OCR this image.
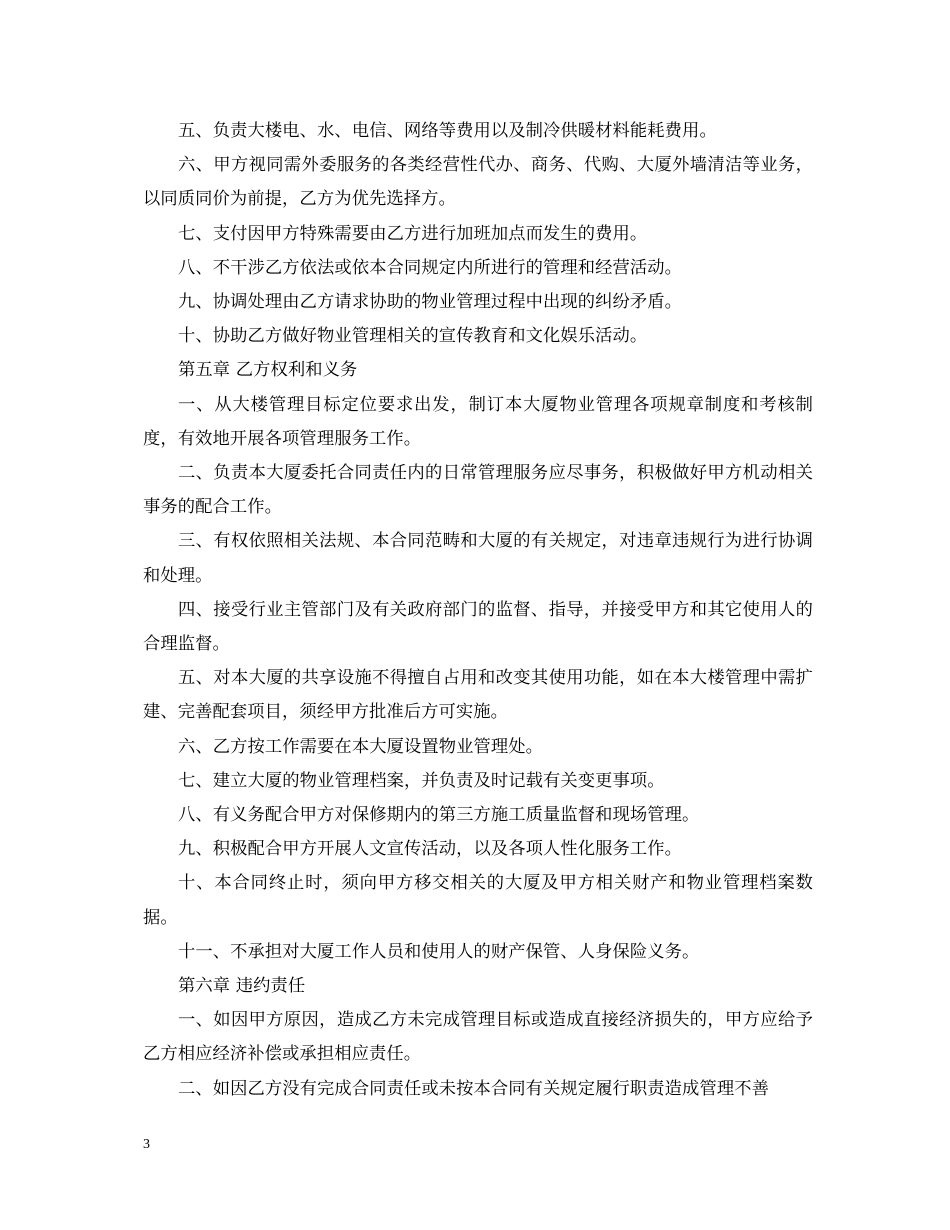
五、负责大楼电、水、电信、网络等费用以及制冷供暖材料能耗费用。

六、甲方视同需外委服务的各类经营性代办、商务、代购、大厦外墙清洁等业务，以同质同价为前提，乙方为优先选择方。

七、支付因甲方特殊需要由乙方进行加班加点而发生的费用。

八、不干涉乙方依法或依本合同规定内所进行的管理和经营活动。

九、协调处理由乙方请求协助的物业管理过程中出现的纠纷矛盾。

十、协助乙方做好物业管理相关的宣传教育和文化娱乐活动。

第五章 乙方权利和义务

一、从大楼管理目标定位要求出发，制订本大厦物业管理各项规章制度和考核制度，有效地开展各项管理服务工作。

二、负责本大厦委托合同责任内的日常管理服务应尽事务，积极做好甲方机动相关事务的配合工作。

三、有权依照相关法规、本合同范畴和大厦的有关规定，对违章违规行为进行协调和处理。

四、接受行业主管部门及有关政府部门的监督、指导，并接受甲方和其它使用人的合理监督。

五、对本大厦的共享设施不得擅自占用和改变其使用功能，如在本大楼管理中需扩建、完善配套项目，须经甲方批准后方可实施。

六、乙方按工作需要在本大厦设置物业管理处。

七、建立大厦的物业管理档案，并负责及时记载有关变更事项。

八、有义务配合甲方对保修期内的第三方施工质量监督和现场管理。

九、积极配合甲方开展人文宣传活动，以及各项人性化服务工作。

十、本合同终止时，须向甲方移交相关的大厦及甲方相关财产和物业管理档案数据。

十一、不承担对大厦工作人员和使用人的财产保管、人身保险义务。

第六章 违约责任

一、如因甲方原因，造成乙方未完成管理目标或造成直接经济损失的，甲方应给予乙方相应经济补偿或承担相应责任。

二、如因乙方没有完成合同责任或未按本合同有关规定履行职责造成管理不善

3
